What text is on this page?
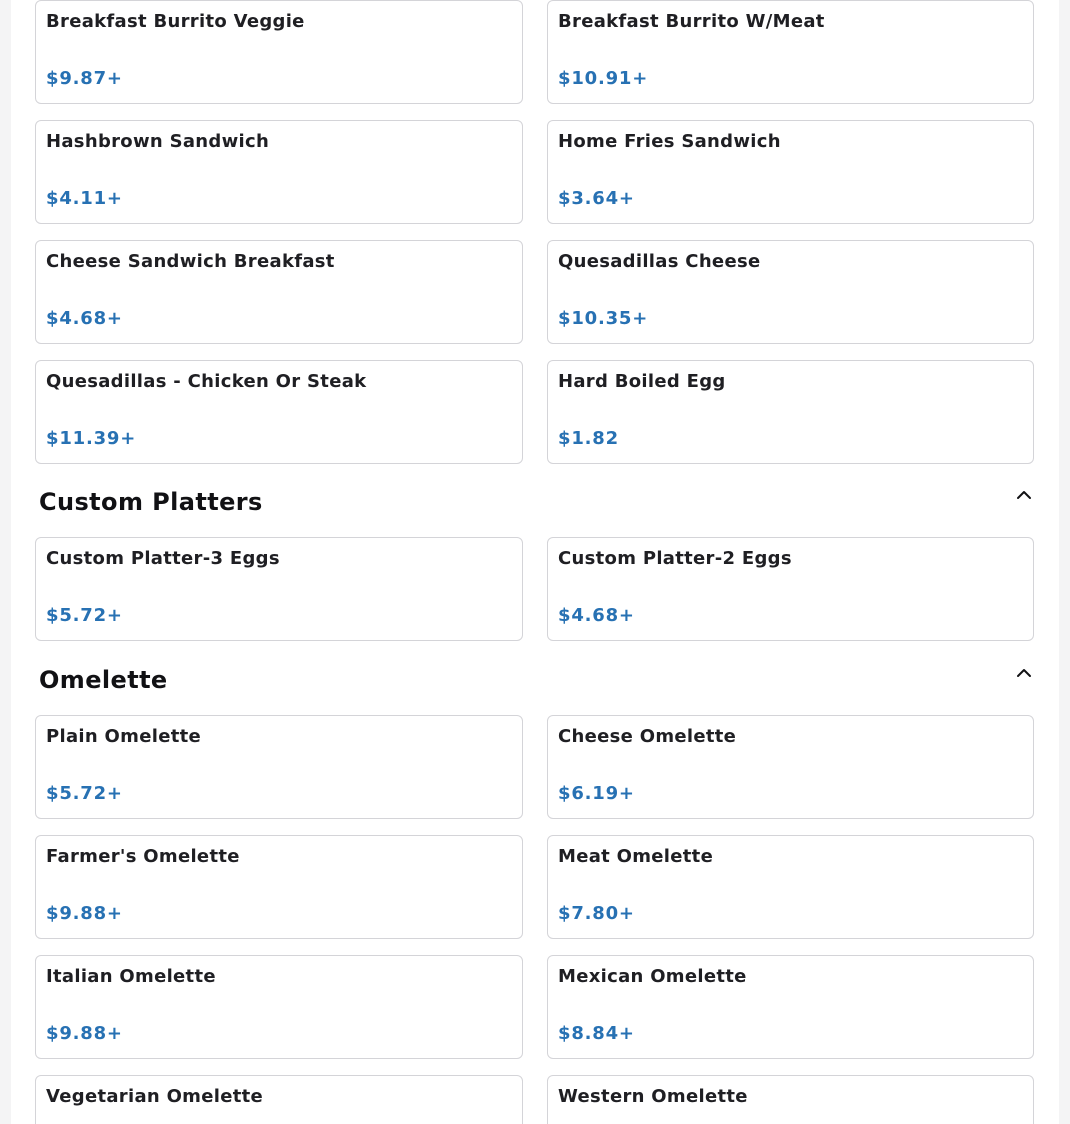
Breakfast Burrito Veggie
$9.87+
Breakfast Burrito W/Meat
$10.91+
Hashbrown Sandwich
$4.11+
Home Fries Sandwich
$3.64+
Cheese Sandwich Breakfast
$4.68+
Quesadillas Cheese
$10.35+
Quesadillas - Chicken Or Steak
$11.39+
Hard Boiled Egg
$1.82
Custom Platters
Custom Platter-3 Eggs
$5.72+
Custom Platter-2 Eggs
$4.68+
Omelette
Plain Omelette
$5.72+
Cheese Omelette
$6.19+
Farmer's Omelette
$9.88+
Meat Omelette
$7.80+
Italian Omelette
$9.88+
Mexican Omelette
$8.84+
Vegetarian Omelette	Western Omelette
